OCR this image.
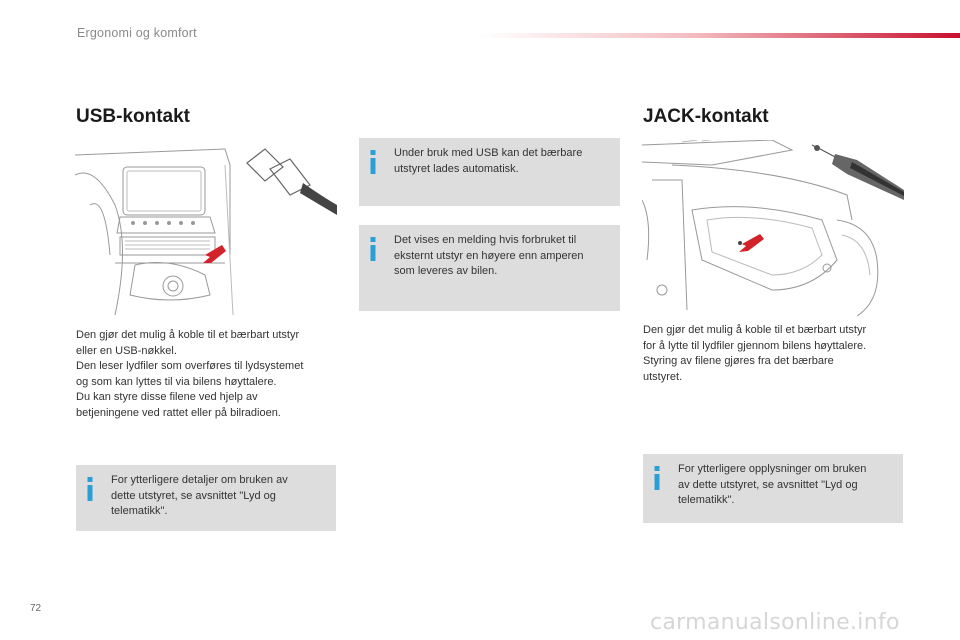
Ergonomi og komfort
USB-kontakt
Den gjør det mulig å koble til et bærbart utstyr
eller en USB-nøkkel.
Den leser lydfiler som overføres til lydsystemet
og som kan lyttes til via bilens høyttalere.
Du kan styre disse filene ved hjelp av
betjeningene ved rattet eller på bilradioen.
For ytterligere detaljer om bruken av
dette utstyret, se avsnittet "Lyd og
telematikk".
Under bruk med USB kan det bærbare
utstyret lades automatisk.
Det vises en melding hvis forbruket til
eksternt utstyr en høyere enn amperen
som leveres av bilen.
JACK-kontakt
Den gjør det mulig å koble til et bærbart utstyr
for å lytte til lydfiler gjennom bilens høyttalere.
Styring av filene gjøres fra det bærbare
utstyret.
For ytterligere opplysninger om bruken
av dette utstyret, se avsnittet "Lyd og
telematikk".
72
carmanualsonline.info
